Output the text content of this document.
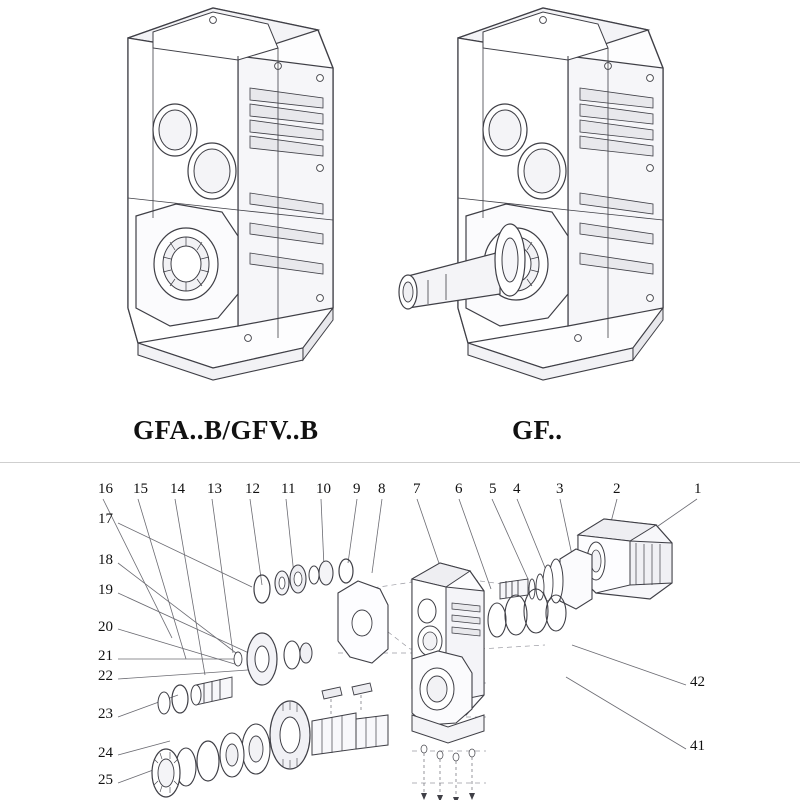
GFA..B/GFV..B	GF..
16 15 14 13 12 11 10 9 8 7 6 5 4 3	2	1
17
18
19
20
21
22
23
24
25
42
41
